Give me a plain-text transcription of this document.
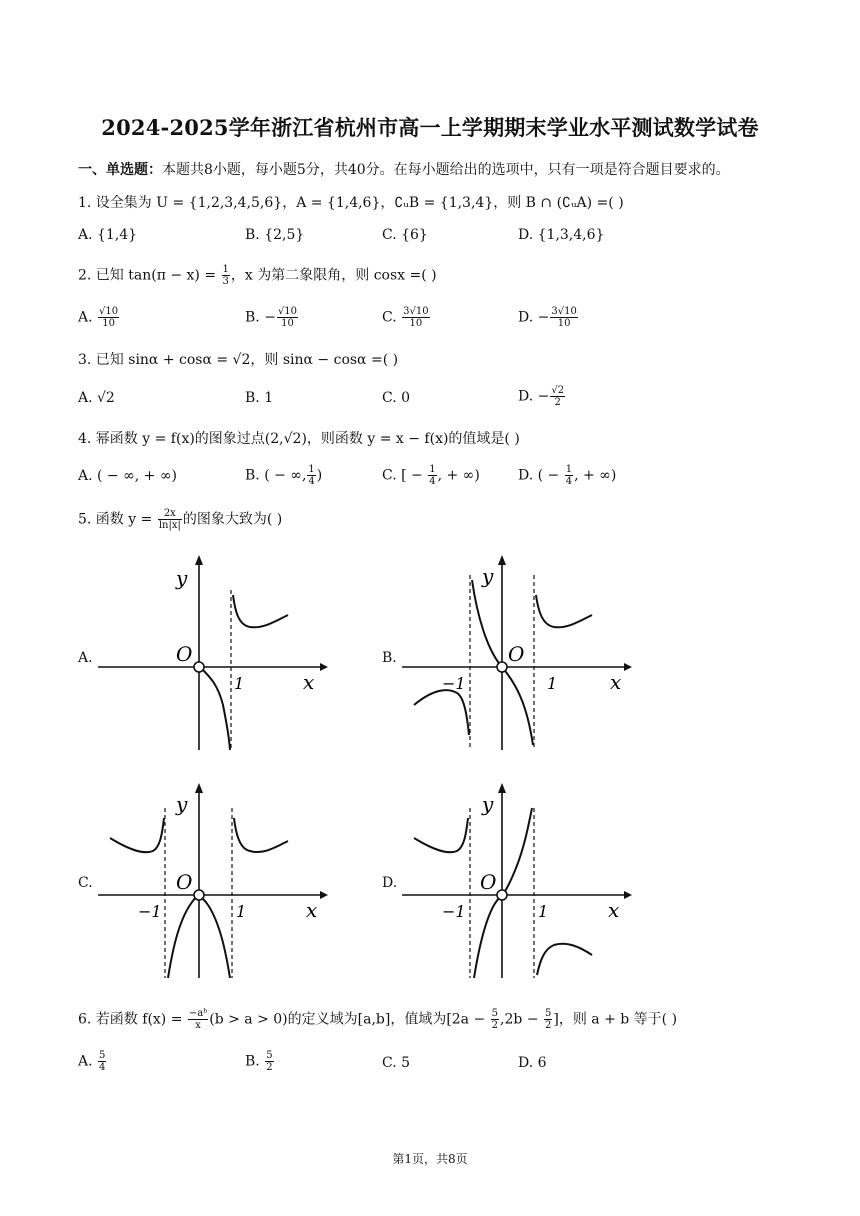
2024-2025学年浙江省杭州市高一上学期期末学业水平测试数学试卷
一、单选题：本题共8小题，每小题5分，共40分。在每小题给出的选项中，只有一项是符合题目要求的。
1. 设全集为 U = {1,2,3,4,5,6}，A = {1,4,6}，∁ᵤB = {1,3,4}，则 B ∩ (∁ᵤA) =( )
A. {1,4}	B. {2,5}	C. {6}	D. {1,3,4,6}
2. 已知 $\tan(\pi - x) = \frac{1}{3}$ ，x 为第二象限角，则 cosx =( )
A. $\frac{√10}{10}$	B. − $\frac{√10}{10}$	C. $\frac{3√10}{10}$	D. − $\frac{3√10}{10}$
3. 已知 sinα + cosα = √2，则 sinα − cosα =( )
A. √2	B. 1	C. 0	D. − $\frac{√2}{2}$
4. 幂函数 y = f(x)的图象过点(2,√2)，则函数 y = x − f(x)的值域是( )
A. ( − ∞, + ∞)	B. ( − ∞, $\frac{1}{4}$ )	C. [ − $\frac{1}{4}$ , + ∞)	D. ( − $\frac{1}{4}$ , + ∞)
5. 函数 $y = \frac{2x}{\ln|x|}$ 的图象大致为( )
A.	B.
C.	D.
y
O
1	x
y
O
−1	1	x
y
O
−1	1	x
y
O
−1	1	x
6. 若函数 $f(x) = \frac{\text{−aᵇ}}{x} (b > a > 0)$的定义域为[a,b]，值域为[$2a - \frac{5}{2} ,2b - \frac{5}{2}$ ]，则 a + b 等于( )
A. $\frac{5}{4}$	B. $\frac{5}{2}$	C. 5	D. 6
第1页，共8页
